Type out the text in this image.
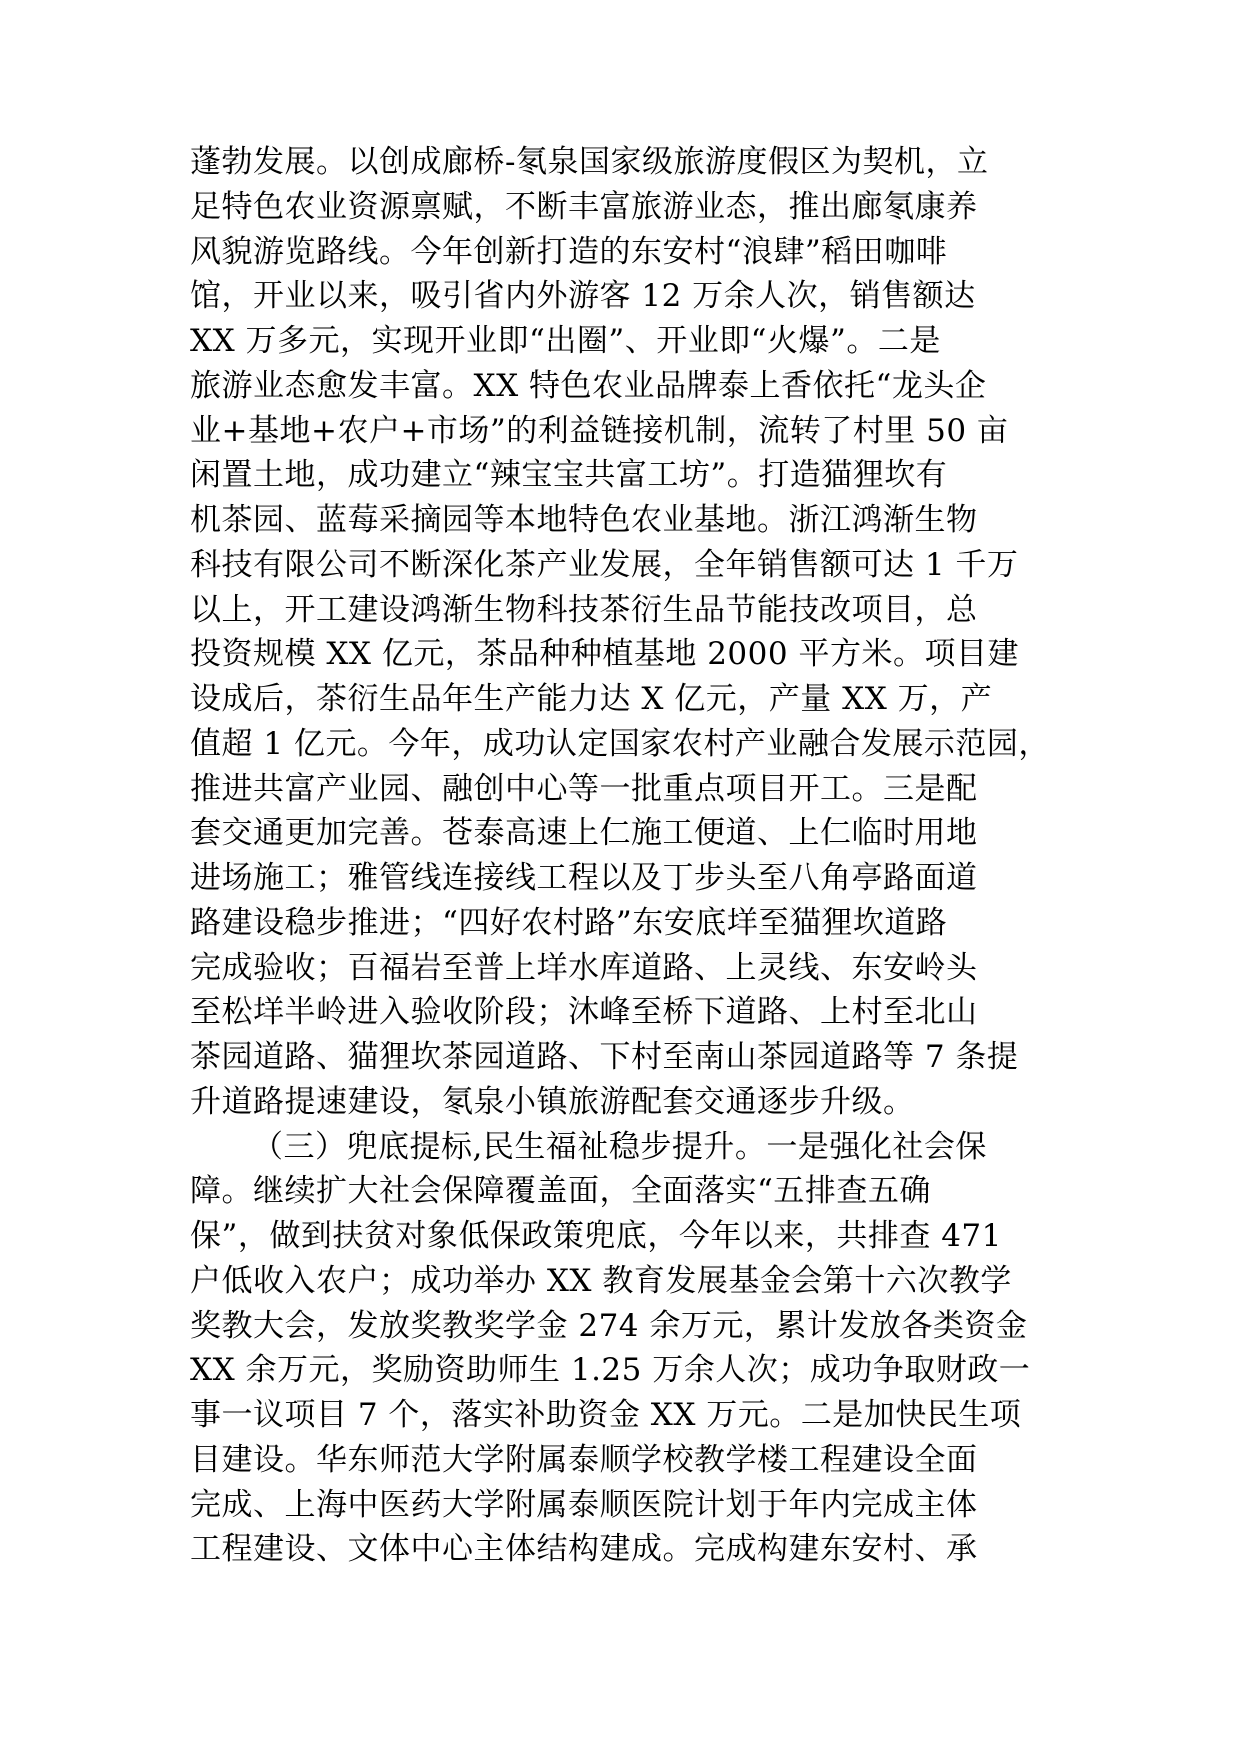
蓬勃发展。以创成廊桥-氡泉国家级旅游度假区为契机，立
足特色农业资源禀赋，不断丰富旅游业态，推出廊氡康养
风貌游览路线。今年创新打造的东安村“浪肆”稻田咖啡
馆，开业以来，吸引省内外游客 12 万余人次，销售额达
XX 万多元，实现开业即“出圈”、开业即“火爆”。二是
旅游业态愈发丰富。XX 特色农业品牌泰上香依托“龙头企
业+基地+农户+市场”的利益链接机制，流转了村里 50 亩
闲置土地，成功建立“辣宝宝共富工坊”。打造猫狸坎有
机茶园、蓝莓采摘园等本地特色农业基地。浙江鸿渐生物
科技有限公司不断深化茶产业发展，全年销售额可达 1 千万
以上，开工建设鸿渐生物科技茶衍生品节能技改项目，总
投资规模 XX 亿元，茶品种种植基地 2000 平方米。项目建
设成后，茶衍生品年生产能力达 X 亿元，产量 XX 万，产
值超 1 亿元。今年，成功认定国家农村产业融合发展示范园，
推进共富产业园、融创中心等一批重点项目开工。三是配
套交通更加完善。苍泰高速上仁施工便道、上仁临时用地
进场施工；雅管线连接线工程以及丁步头至八角亭路面道
路建设稳步推进；“四好农村路”东安底垟至猫狸坎道路
完成验收；百福岩至普上垟水库道路、上灵线、东安岭头
至松垟半岭进入验收阶段；沐峰至桥下道路、上村至北山
茶园道路、猫狸坎茶园道路、下村至南山茶园道路等 7 条提
升道路提速建设，氡泉小镇旅游配套交通逐步升级。
（三）兜底提标,民生福祉稳步提升。一是强化社会保
障。继续扩大社会保障覆盖面，全面落实“五排查五确
保”，做到扶贫对象低保政策兜底，今年以来，共排查 471
户低收入农户；成功举办 XX 教育发展基金会第十六次教学
奖教大会，发放奖教奖学金 274 余万元，累计发放各类资金
XX 余万元，奖励资助师生 1.25 万余人次；成功争取财政一
事一议项目 7 个，落实补助资金 XX 万元。二是加快民生项
目建设。华东师范大学附属泰顺学校教学楼工程建设全面
完成、上海中医药大学附属泰顺医院计划于年内完成主体
工程建设、文体中心主体结构建成。完成构建东安村、承
